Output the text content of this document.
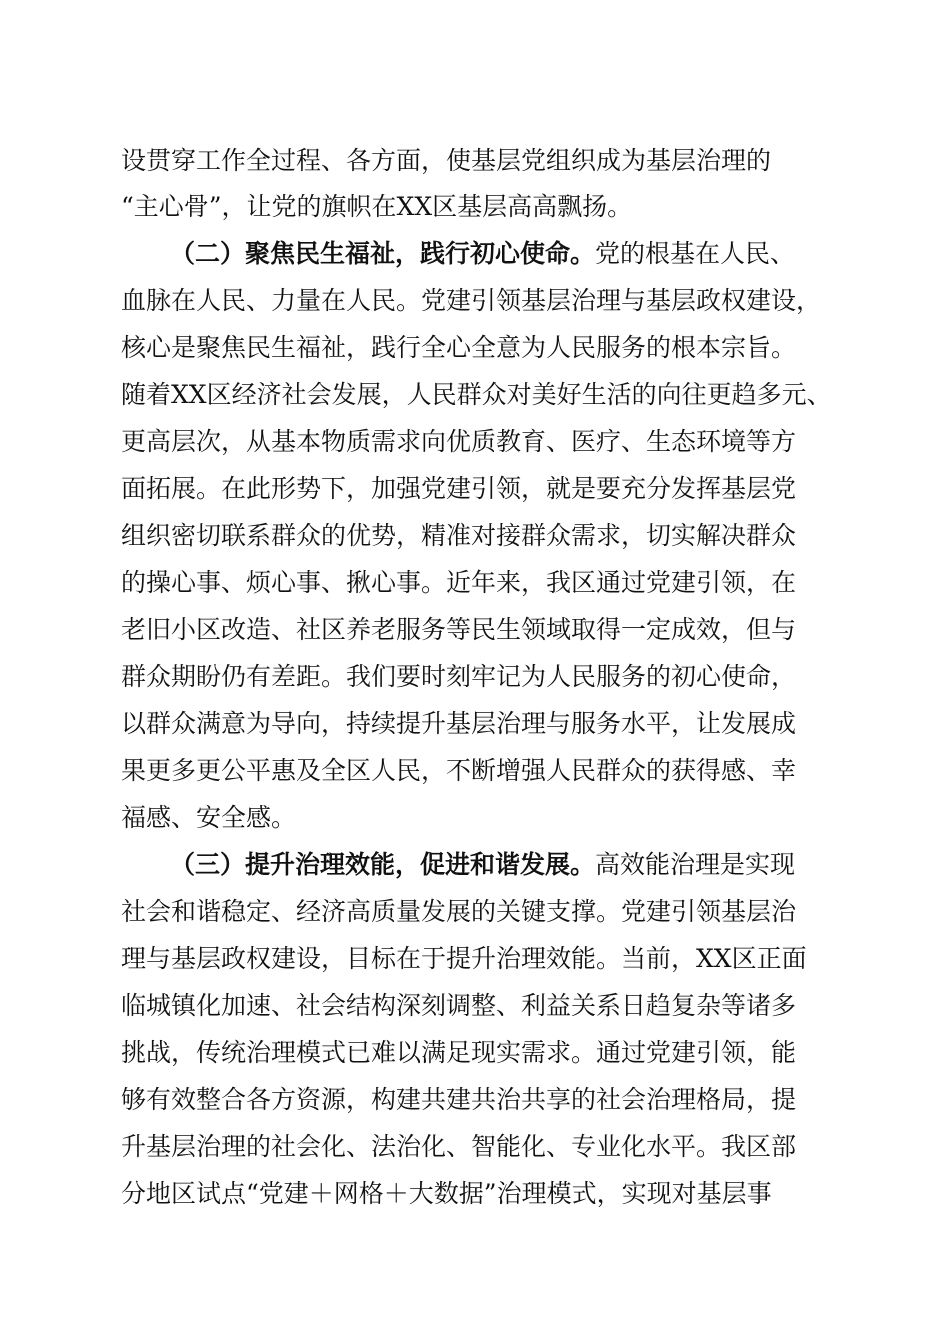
设贯穿工作全过程、各方面，使基层党组织成为基层治理的
“主心骨”，让党的旗帜在XX区基层高高飘扬。
（二）聚焦民生福祉，践行初心使命。党的根基在人民、
血脉在人民、力量在人民。党建引领基层治理与基层政权建设，
核心是聚焦民生福祉，践行全心全意为人民服务的根本宗旨。
随着XX区经济社会发展，人民群众对美好生活的向往更趋多元、
更高层次，从基本物质需求向优质教育、医疗、生态环境等方
面拓展。在此形势下，加强党建引领，就是要充分发挥基层党
组织密切联系群众的优势，精准对接群众需求，切实解决群众
的操心事、烦心事、揪心事。近年来，我区通过党建引领，在
老旧小区改造、社区养老服务等民生领域取得一定成效，但与
群众期盼仍有差距。我们要时刻牢记为人民服务的初心使命，
以群众满意为导向，持续提升基层治理与服务水平，让发展成
果更多更公平惠及全区人民，不断增强人民群众的获得感、幸
福感、安全感。
（三）提升治理效能，促进和谐发展。高效能治理是实现
社会和谐稳定、经济高质量发展的关键支撑。党建引领基层治
理与基层政权建设，目标在于提升治理效能。当前，XX区正面
临城镇化加速、社会结构深刻调整、利益关系日趋复杂等诸多
挑战，传统治理模式已难以满足现实需求。通过党建引领，能
够有效整合各方资源，构建共建共治共享的社会治理格局，提
升基层治理的社会化、法治化、智能化、专业化水平。我区部
分地区试点“党建＋网格＋大数据”治理模式，实现对基层事
